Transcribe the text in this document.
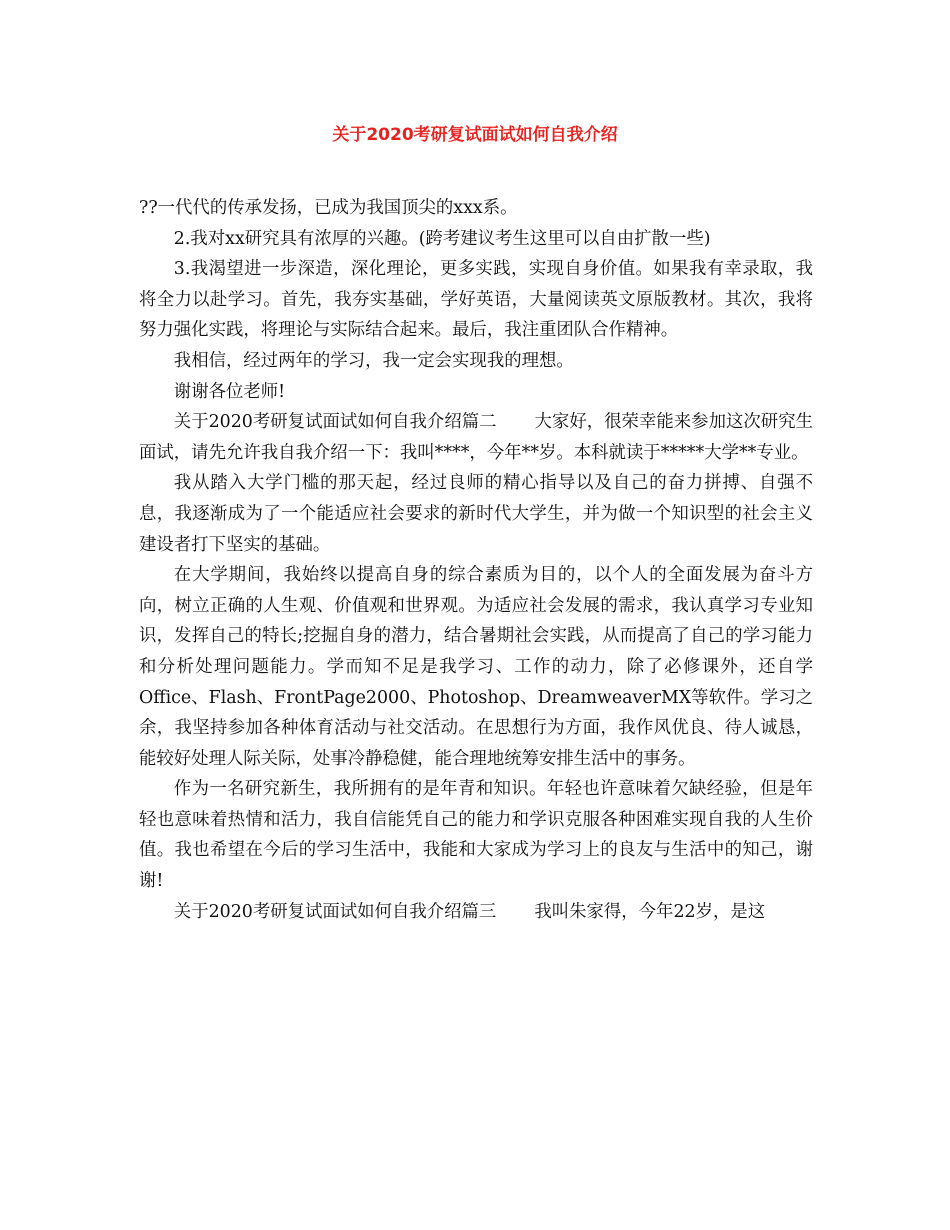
关于2020考研复试面试如何自我介绍

??一代代的传承发扬，已成为我国顶尖的xxx系。

2.我对xx研究具有浓厚的兴趣。(跨考建议考生这里可以自由扩散一些)

3.我渴望进一步深造，深化理论，更多实践，实现自身价值。如果我有幸录取，我将全力以赴学习。首先，我夯实基础，学好英语，大量阅读英文原版教材。其次，我将努力强化实践，将理论与实际结合起来。最后，我注重团队合作精神。

我相信，经过两年的学习，我一定会实现我的理想。

谢谢各位老师!

关于2020考研复试面试如何自我介绍篇二 大家好，很荣幸能来参加这次研究生面试，请先允许我自我介绍一下：我叫****，今年**岁。本科就读于*****大学**专业。

我从踏入大学门槛的那天起，经过良师的精心指导以及自己的奋力拼搏、自强不息，我逐渐成为了一个能适应社会要求的新时代大学生，并为做一个知识型的社会主义建设者打下坚实的基础。

在大学期间，我始终以提高自身的综合素质为目的，以个人的全面发展为奋斗方向，树立正确的人生观、价值观和世界观。为适应社会发展的需求，我认真学习专业知识，发挥自己的特长;挖掘自身的潜力，结合暑期社会实践，从而提高了自己的学习能力和分析处理问题能力。学而知不足是我学习、工作的动力，除了必修课外，还自学Office、Flash、FrontPage2000、Photoshop、DreamweaverMX等软件。学习之余，我坚持参加各种体育活动与社交活动。在思想行为方面，我作风优良、待人诚恳，能较好处理人际关际，处事冷静稳健，能合理地统筹安排生活中的事务。

作为一名研究新生，我所拥有的是年青和知识。年轻也许意味着欠缺经验，但是年轻也意味着热情和活力，我自信能凭自己的能力和学识克服各种困难实现自我的人生价值。我也希望在今后的学习生活中，我能和大家成为学习上的良友与生活中的知己，谢谢!

关于2020考研复试面试如何自我介绍篇三 我叫朱家得，今年22岁，是这
